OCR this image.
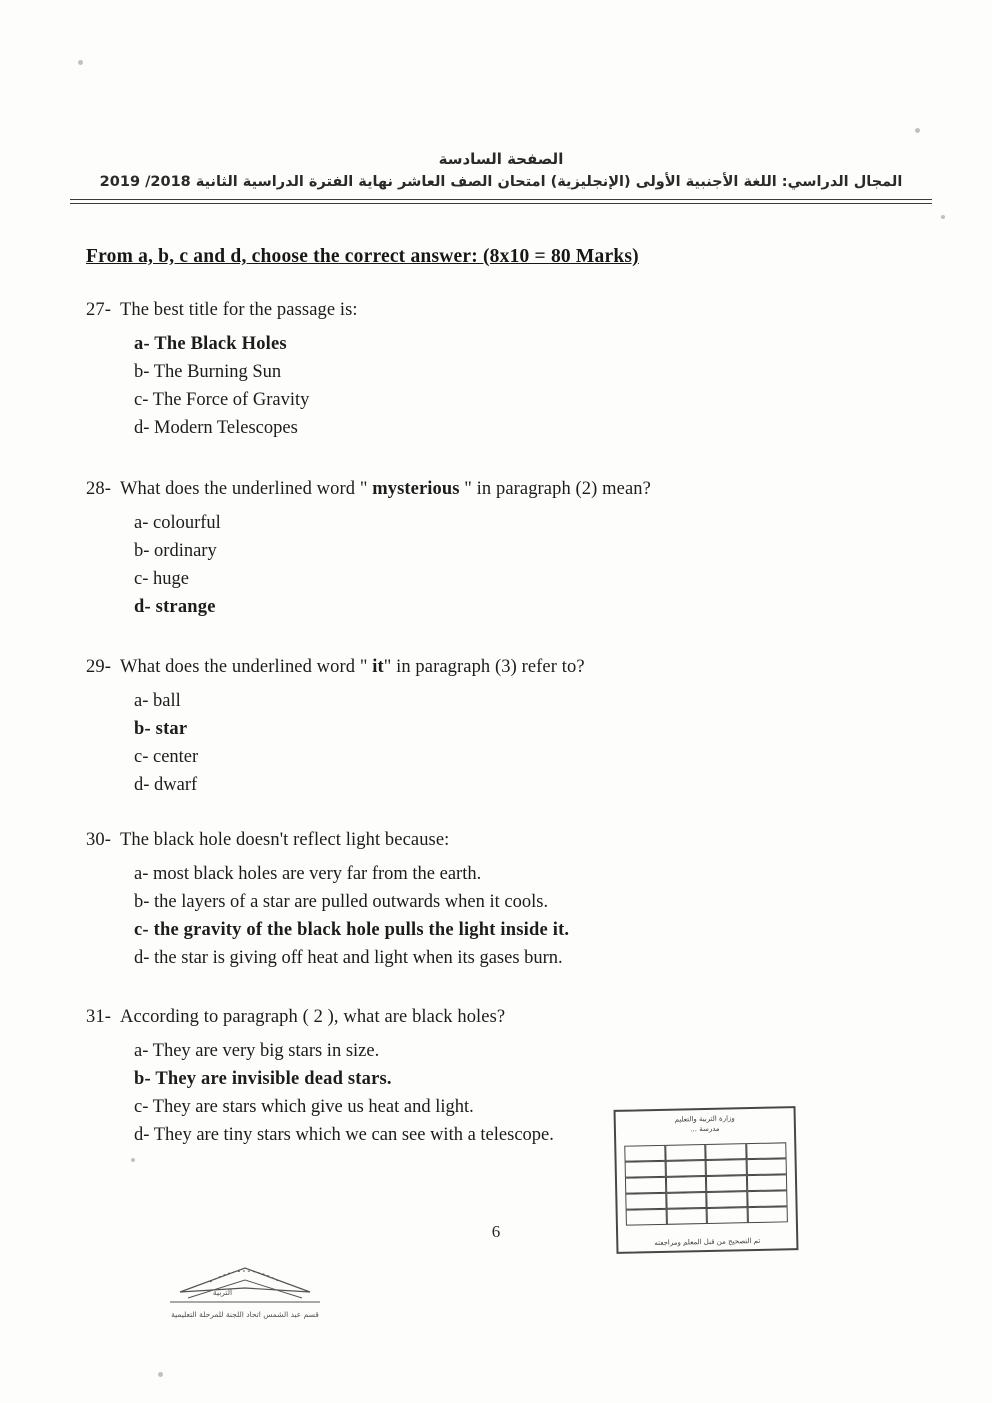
الصفحة السادسة
المجال الدراسي: اللغة الأجنبية الأولى (الإنجليزية) امتحان الصف العاشر نهاية الفترة الدراسية الثانية 2018/ 2019
From a, b, c and d, choose the correct answer: (8x10 = 80 Marks)
27- The best title for the passage is:
a- The Black Holes
b- The Burning Sun
c- The Force of Gravity
d- Modern Telescopes
28- What does the underlined word " mysterious " in paragraph (2) mean?
a- colourful
b- ordinary
c- huge
d- strange
29- What does the underlined word " it" in paragraph (3) refer to?
a- ball
b- star
c- center
d- dwarf
30- The black hole doesn't reflect light because:
a- most black holes are very far from the earth.
b- the layers of a star are pulled outwards when it cools.
c- the gravity of the black hole pulls the light inside it.
d- the star is giving off heat and light when its gases burn.
31- According to paragraph ( 2 ), what are black holes?
a- They are very big stars in size.
b- They are invisible dead stars.
c- They are stars which give us heat and light.
d- They are tiny stars which we can see with a telescope.
6
وزارة التربية والتعليم
مدرسة ...
تم التصحيح من قبل المعلم ومراجعته
التربية
قسم عبد الشمس اتحاد اللجنة للمرحلة التعليمية
